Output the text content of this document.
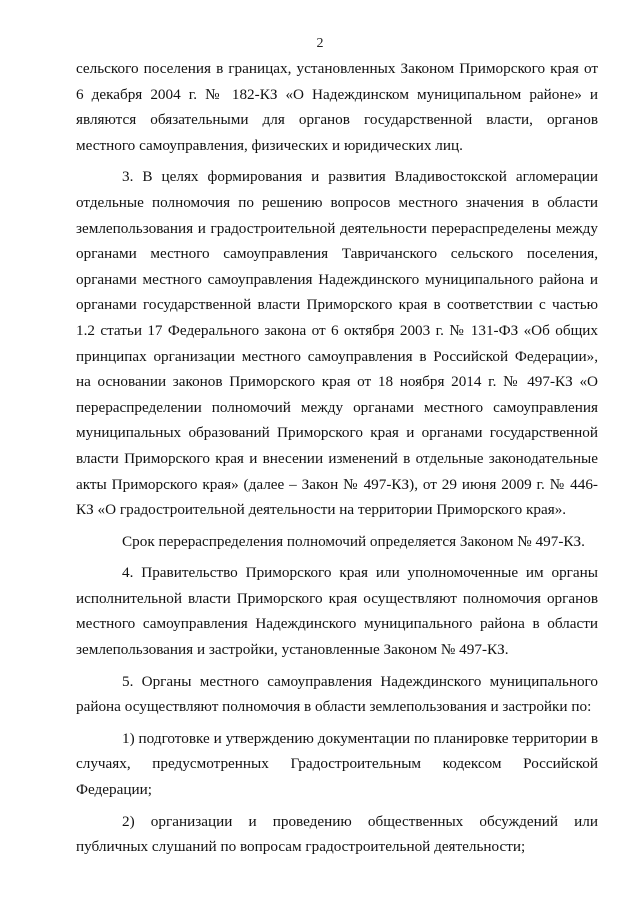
2

сельского поселения в границах, установленных Законом Приморского края от 6 декабря 2004 г. № 182-КЗ «О Надеждинском муниципальном районе» и являются обязательными для органов государственной власти, органов местного самоуправления, физических и юридических лиц.

3. В целях формирования и развития Владивостокской агломерации отдельные полномочия по решению вопросов местного значения в области землепользования и градостроительной деятельности перераспределены между органами местного самоуправления Тавричанского сельского поселения, органами местного самоуправления Надеждинского муниципального района и органами государственной власти Приморского края в соответствии с частью 1.2 статьи 17 Федерального закона от 6 октября 2003 г. № 131-ФЗ «Об общих принципах организации местного самоуправления в Российской Федерации», на основании законов Приморского края от 18 ноября 2014 г. № 497-КЗ «О перераспределении полномочий между органами местного самоуправления муниципальных образований Приморского края и органами государственной власти Приморского края и внесении изменений в отдельные законодательные акты Приморского края» (далее – Закон № 497-КЗ), от 29 июня 2009 г. № 446-КЗ «О градостроительной деятельности на территории Приморского края».

Срок перераспределения полномочий определяется Законом № 497-КЗ.

4. Правительство Приморского края или уполномоченные им органы исполнительной власти Приморского края осуществляют полномочия органов местного самоуправления Надеждинского муниципального района в области землепользования и застройки, установленные Законом № 497-КЗ.

5. Органы местного самоуправления Надеждинского муниципального района осуществляют полномочия в области землепользования и застройки по:

1) подготовке и утверждению документации по планировке территории в случаях, предусмотренных Градостроительным кодексом Российской Федерации;

2) организации и проведению общественных обсуждений или публичных слушаний по вопросам градостроительной деятельности;
